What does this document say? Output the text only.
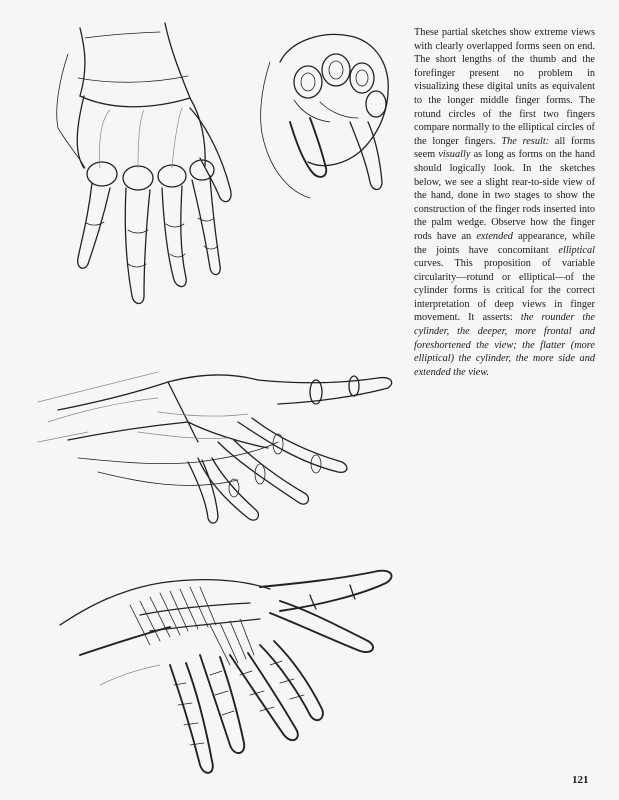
These partial sketches show extreme views with clearly overlapped forms seen on end. The short lengths of the thumb and the forefinger present no problem in visualizing these digital units as equivalent to the longer middle finger forms. The rotund circles of the first two fingers compare normally to the elliptical circles of the longer fingers. The result: all forms seem visually as long as forms on the hand should logically look. In the sketches below, we see a slight rear-to-side view of the hand, done in two stages to show the construction of the finger rods inserted into the palm wedge. Observe how the finger rods have an extended appearance, while the joints have concomitant elliptical curves. This proposition of variable circularity—rotund or elliptical—of the cylinder forms is critical for the correct interpretation of deep views in finger movement. It asserts: the rounder the cylinder, the deeper, more frontal and foreshortened the view; the flatter (more elliptical) the cylinder, the more side and extended the view.
121
